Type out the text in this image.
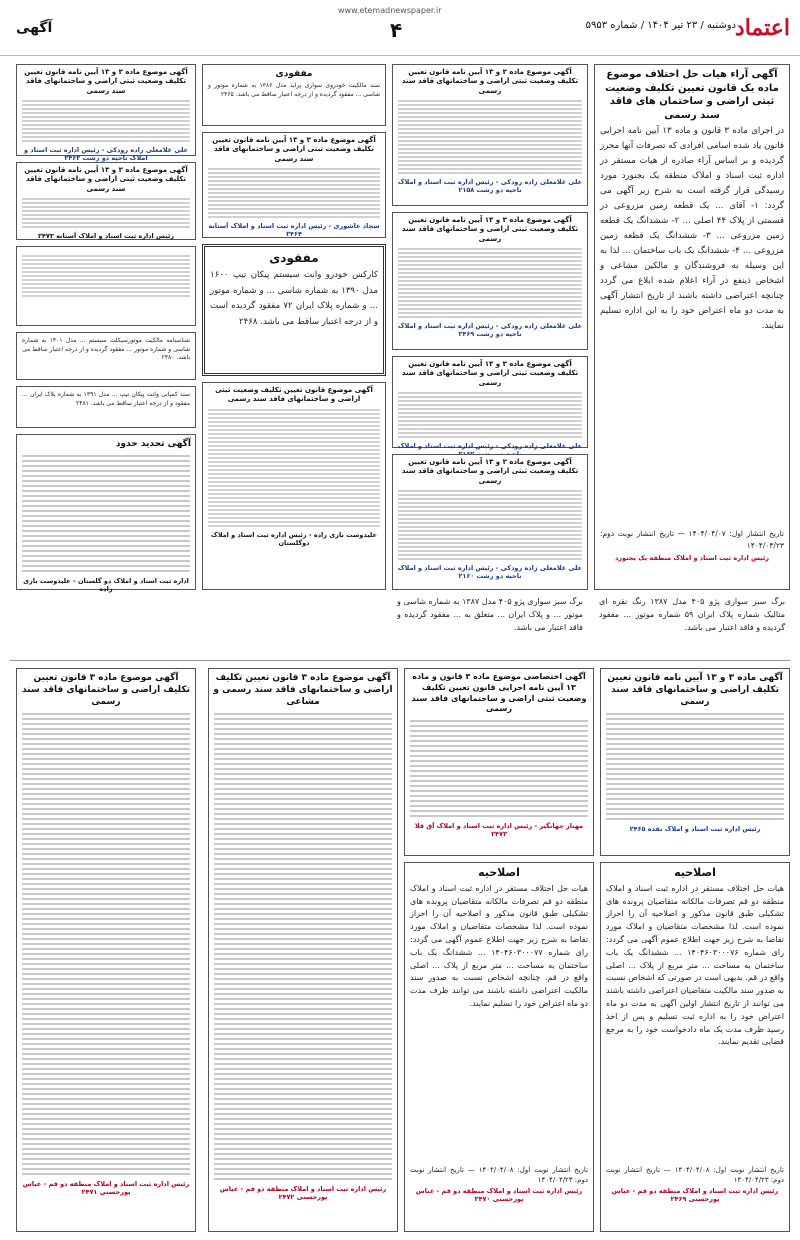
اعتماد
دوشنبه / ۲۳ تیر ۱۴۰۴ / شماره ۵۹۵۳
www.etemadnewspaper.ir
۴
آگهی
آگهی آراء هیات حل اختلاف موضوع ماده یک قانون تعیین تکلیف وضعیت ثبتی اراضی و ساختمان های فاقد سند رسمی
در اجرای ماده ۳ قانون و ماده ۱۳ آیین نامه اجرایی قانون یاد شده اسامی افرادی که تصرفات آنها محرز گردیده و بر اساس آراء صادره از هیات مستقر در اداره ثبت اسناد و املاک منطقه یک بجنورد مورد رسیدگی قرار گرفته است به شرح زیر آگهی می گردد: ۱- آقای ... یک قطعه زمین مزروعی در قسمتی از پلاک ۴۴ اصلی ... ۲- ششدانگ یک قطعه زمین مزروعی ... ۳- ششدانگ یک قطعه زمین مزروعی ... ۴- ششدانگ یک باب ساختمان ... لذا به این وسیله به فروشندگان و مالکین مشاعی و اشخاص ذینفع در آراء اعلام شده ابلاغ می گردد چنانچه اعتراضی داشته باشند از تاریخ انتشار آگهی به مدت دو ماه اعتراض خود را به این اداره تسلیم نمایند.
تاریخ انتشار اول: ۱۴۰۴/۰۴/۰۷ — تاریخ انتشار نوبت دوم: ۱۴۰۴/۰۴/۲۳
رئیس اداره ثبت اسناد و املاک منطقه یک بجنورد
آگهی موضوع ماده ۳ و ۱۳ آیین نامه قانون تعیین تکلیف وضعیت ثبتی اراضی و ساختمانهای فاقد سند رسمی
علی غلامعلی زاده رودکی - رئیس اداره ثبت اسناد و املاک ناحیه دو رشت ۲۱۵۸
آگهی موضوع ماده ۳ و ۱۳ آیین نامه قانون تعیین تکلیف وضعیت ثبتی اراضی و ساختمانهای فاقد سند رسمی
علی غلامعلی زاده رودکی - رئیس اداره ثبت اسناد و املاک ناحیه دو رشت ۲۴۶۹
آگهی موضوع ماده ۳ و ۱۳ آیین نامه قانون تعیین تکلیف وضعیت ثبتی اراضی و ساختمانهای فاقد سند رسمی
علی غلامعلی زاده رودکی - رئیس اداره ثبت اسناد و املاک
آگهی موضوع ماده ۳ و ۱۳ آیین نامه قانون تعیین تکلیف وضعیت ثبتی اراضی و ساختمانهای فاقد سند رسمی
علی غلامعلی زاده رودکی - رئیس اداره ثبت اسناد و املاک ناحیه دو رشت ۲۱۶۰
مفقودی
سند مالکیت خودروی سواری پراید مدل ۱۳۸۶ به شماره موتور و شاسی ... مفقود گردیده و از درجه اعتبار ساقط می باشد. ۲۴۶۵
آگهی موضوع ماده ۳ و ۱۳ آیین نامه قانون تعیین تکلیف وضعیت ثبتی اراضی و ساختمانهای فاقد سند رسمی
سجاد عاشوری - رئیس اداره ثبت اسناد و املاک آستانه ۲۴۶۴
مفقودی
کارکس خودرو وانت سیستم پیکان تیپ ۱۶۰۰ مدل ۱۳۹۰ به شماره شاسی ... و شماره موتور ... و شماره پلاک ایران ۷۲ مفقود گردیده است و از درجه اعتبار ساقط می باشد. ۲۴۶۸
آگهی موضوع قانون تعیین تکلیف وضعیت ثبتی اراضی و ساختمانهای فاقد سند رسمی
علیدوست بازی زاده - رئیس اداره ثبت اسناد و املاک دوگلستان
آگهی موضوع ماده ۳ و ۱۳ آیین نامه قانون تعیین تکلیف وضعیت ثبتی اراضی و ساختمانهای فاقد سند رسمی
علی غلامعلی زاده رودکی - رئیس اداره ثبت اسناد و املاک ناحیه دو رشت ۲۴۶۳
آگهی موضوع ماده ۳ و ۱۳ آیین نامه قانون تعیین تکلیف وضعیت ثبتی اراضی و ساختمانهای فاقد سند رسمی
رئیس اداره ثبت اسناد و املاک آستانه ۲۴۷۳
شناسنامه مالکیت موتورسیکلت سیستم ... مدل ۱۴۰۱ به شماره شاسی و شماره موتور ... مفقود گردیده و از درجه اعتبار ساقط می باشد. ۲۴۸۰
سند کمپانی وانت پیکان تیپ ... مدل ۱۳۹۱ به شماره پلاک ایران ... مفقود و از درجه اعتبار ساقط می باشد. ۲۴۸۱
آگهی تحدید حدود
اداره ثبت اسناد و املاک دو گلستان - علیدوست بازی زاده
برگ سبز سواری پژو ۴۰۵ مدل ۱۳۸۷ رنگ نقره ای متالیک شماره پلاک ایران ۵۹ شماره موتور ... مفقود گردیده و فاقد اعتبار می باشد.
برگ سبز سواری پژو ۴۰۵ مدل ۱۳۸۷ به شماره شاسی و موتور ... و پلاک ایران ... متعلق به ... مفقود گردیده و فاقد اعتبار می باشد.
آگهی ماده ۳ و ۱۳ آیین نامه قانون تعیین تکلیف اراضی و ساختمانهای فاقد سند رسمی
رئیس اداره ثبت اسناد و املاک نقده ۲۴۶۵
اصلاحیه
هیات حل اختلاف مستقر در اداره ثبت اسناد و املاک منطقه دو قم تصرفات مالکانه متقاضیان پرونده های تشکیلی طبق قانون مذکور و اصلاحیه آن را احراز نموده است. لذا مشخصات متقاضیان و املاک مورد تقاضا به شرح زیر جهت اطلاع عموم آگهی می گردد: رای شماره ۱۴۰۴۶۰۳۰۰۰۷۶ ... ششدانگ یک باب ساختمان به مساحت ... متر مربع از پلاک ... اصلی واقع در قم. بدیهی است در صورتی که اشخاص نسبت به صدور سند مالکیت متقاضیان اعتراضی داشته باشند می توانند از تاریخ انتشار اولین آگهی به مدت دو ماه اعتراض خود را به اداره ثبت تسلیم و پس از اخذ رسید ظرف مدت یک ماه دادخواست خود را به مرجع قضایی تقدیم نمایند.
تاریخ انتشار نوبت اول: ۱۴۰۴/۰۴/۰۸ — تاریخ انتشار نوبت دوم: ۱۴۰۴/۰۴/۲۳
رئیس اداره ثبت اسناد و املاک منطقه دو قم - عباس پورحسنی ۲۴۶۹
آگهی اختصاصی موضوع ماده ۳ قانون و ماده ۱۳ آیین نامه اجرایی قانون تعیین تکلیف وضعیت ثبتی اراضی و ساختمانهای فاقد سند رسمی
مهناز جهانگیر - رئیس اداره ثبت اسناد و املاک آق قلا ۲۴۷۳
اصلاحیه
هیات حل اختلاف مستقر در اداره ثبت اسناد و املاک منطقه دو قم تصرفات مالکانه متقاضیان پرونده های تشکیلی طبق قانون مذکور و اصلاحیه آن را احراز نموده است. لذا مشخصات متقاضیان و املاک مورد تقاضا به شرح زیر جهت اطلاع عموم آگهی می گردد: رای شماره ۱۴۰۴۶۰۳۰۰۰۷۷ ... ششدانگ یک باب ساختمان به مساحت ... متر مربع از پلاک ... اصلی واقع در قم. چنانچه اشخاص نسبت به صدور سند مالکیت اعتراضی داشته باشند می توانند ظرف مدت دو ماه اعتراض خود را تسلیم نمایند.
تاریخ انتشار نوبت اول: ۱۴۰۴/۰۴/۰۸ — تاریخ انتشار نوبت دوم: ۱۴۰۴/۰۴/۲۳
رئیس اداره ثبت اسناد و املاک منطقه دو قم - عباس پورحسنی ۲۴۷۰
آگهی موضوع ماده ۳ قانون تعیین تکلیف اراضی و ساختمانهای فاقد سند رسمی و مشاعی
رئیس اداره ثبت اسناد و املاک منطقه دو قم - عباس پورحسنی ۲۴۷۲
آگهی موضوع ماده ۳ قانون تعیین تکلیف اراضی و ساختمانهای فاقد سند رسمی
رئیس اداره ثبت اسناد و املاک منطقه دو قم - عباس پورحسنی ۲۴۷۱
